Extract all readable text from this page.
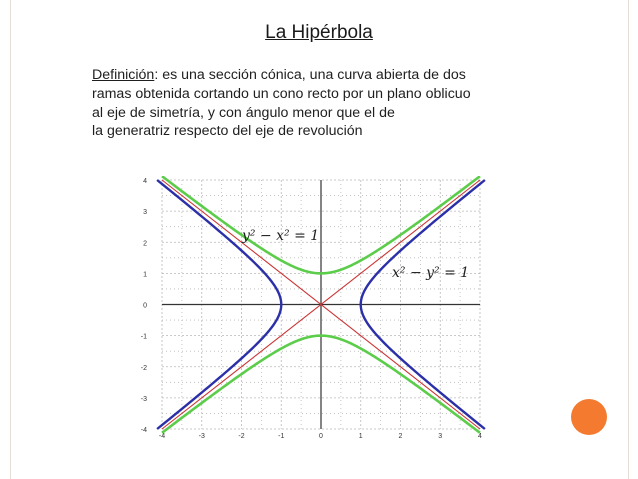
La Hipérbola
Definición: es una sección cónica, una curva abierta de dos
ramas obtenida cortando un cono recto por un plano oblicuo
al eje de simetría, y con ángulo menor que el de
la generatriz respecto del eje de revolución
-4	-3	-2	-1	0	1	2	3	4
4
3
2
1
0
-1
-2
-3
-4
y² − x² = 1
x² − y² = 1
